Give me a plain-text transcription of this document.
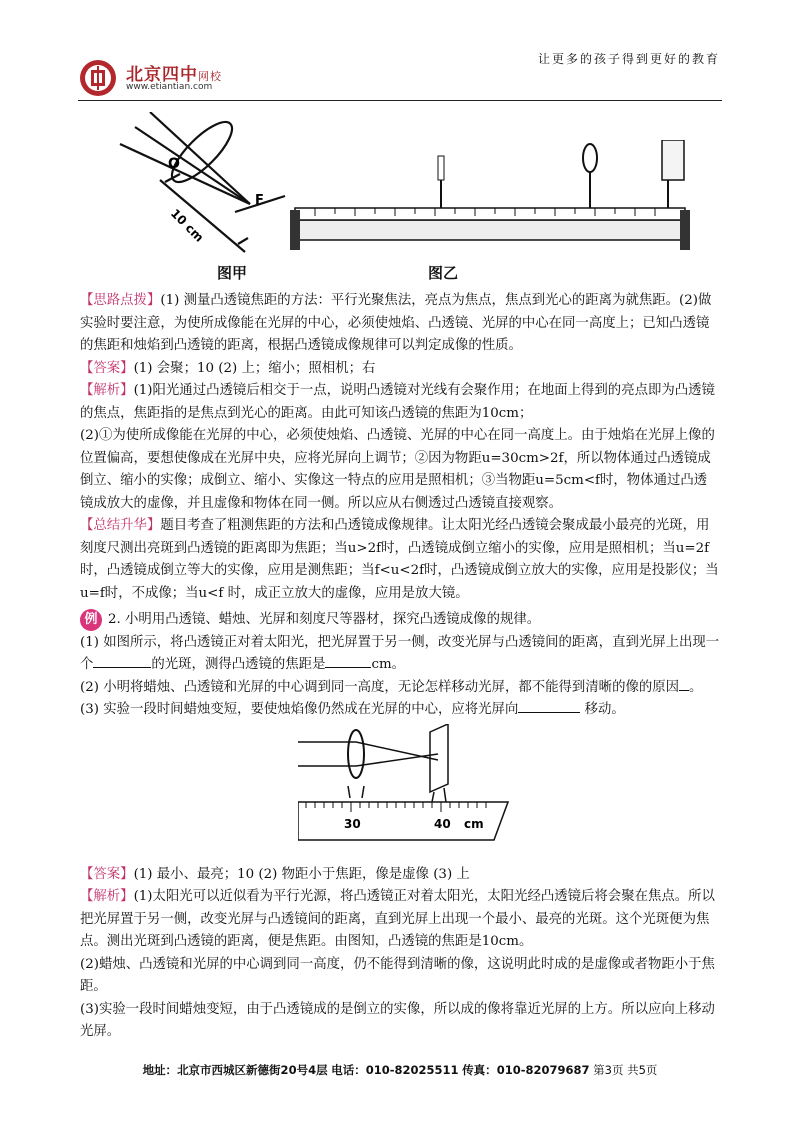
北京四中网校
www.etiantian.com
让更多的孩子得到更好的教育
O
F
10 cm
图甲	图乙

【思路点拨】(1) 测量凸透镜焦距的方法：平行光聚焦法，亮点为焦点，焦点到光心的距离为就焦距。(2)做实验时要注意，为使所成像能在光屏的中心，必须使烛焰、凸透镜、光屏的中心在同一高度上；已知凸透镜的焦距和烛焰到凸透镜的距离，根据凸透镜成像规律可以判定成像的性质。

【答案】(1) 会聚；10 (2) 上；缩小；照相机；右

【解析】(1)阳光通过凸透镜后相交于一点，说明凸透镜对光线有会聚作用；在地面上得到的亮点即为凸透镜的焦点，焦距指的是焦点到光心的距离。由此可知该凸透镜的焦距为10cm；

(2)①为使所成像能在光屏的中心，必须使烛焰、凸透镜、光屏的中心在同一高度上。由于烛焰在光屏上像的位置偏高，要想使像成在光屏中央，应将光屏向上调节；②因为物距u=30cm>2f，所以物体通过凸透镜成倒立、缩小的实像；成倒立、缩小、实像这一特点的应用是照相机；③当物距u=5cm<f时，物体通过凸透镜成放大的虚像，并且虚像和物体在同一侧。所以应从右侧透过凸透镜直接观察。

【总结升华】题目考查了粗测焦距的方法和凸透镜成像规律。让太阳光经凸透镜会聚成最小最亮的光斑，用刻度尺测出亮斑到凸透镜的距离即为焦距；当u>2f时，凸透镜成倒立缩小的实像，应用是照相机；当u=2f时，凸透镜成倒立等大的实像，应用是测焦距；当f<u<2f时，凸透镜成倒立放大的实像，应用是投影仪；当u=f时，不成像；当u<f 时，成正立放大的虚像，应用是放大镜。

例 2. 小明用凸透镜、蜡烛、光屏和刻度尺等器材，探究凸透镜成像的规律。

(1) 如图所示，将凸透镜正对着太阳光，把光屏置于另一侧，改变光屏与凸透镜间的距离，直到光屏上出现一个	的光斑，测得凸透镜的焦距是	cm。

(2) 小明将蜡烛、凸透镜和光屏的中心调到同一高度，无论怎样移动光屏，都不能得到清晰的像的原因 。

(3) 实验一段时间蜡烛变短，要使烛焰像仍然成在光屏的中心，应将光屏向	移动。

30	40 cm

【答案】(1) 最小、最亮；10 (2) 物距小于焦距，像是虚像 (3) 上

【解析】(1)太阳光可以近似看为平行光源，将凸透镜正对着太阳光，太阳光经凸透镜后将会聚在焦点。所以把光屏置于另一侧，改变光屏与凸透镜间的距离，直到光屏上出现一个最小、最亮的光斑。这个光斑便为焦点。测出光斑到凸透镜的距离，便是焦距。由图知，凸透镜的焦距是10cm。

(2)蜡烛、凸透镜和光屏的中心调到同一高度，仍不能得到清晰的像，这说明此时成的是虚像或者物距小于焦距。

(3)实验一段时间蜡烛变短，由于凸透镜成的是倒立的实像，所以成的像将靠近光屏的上方。所以应向上移动光屏。

地址：北京市西城区新德街20号4层 电话：010-82025511 传真：010-82079687 第3页 共5页
